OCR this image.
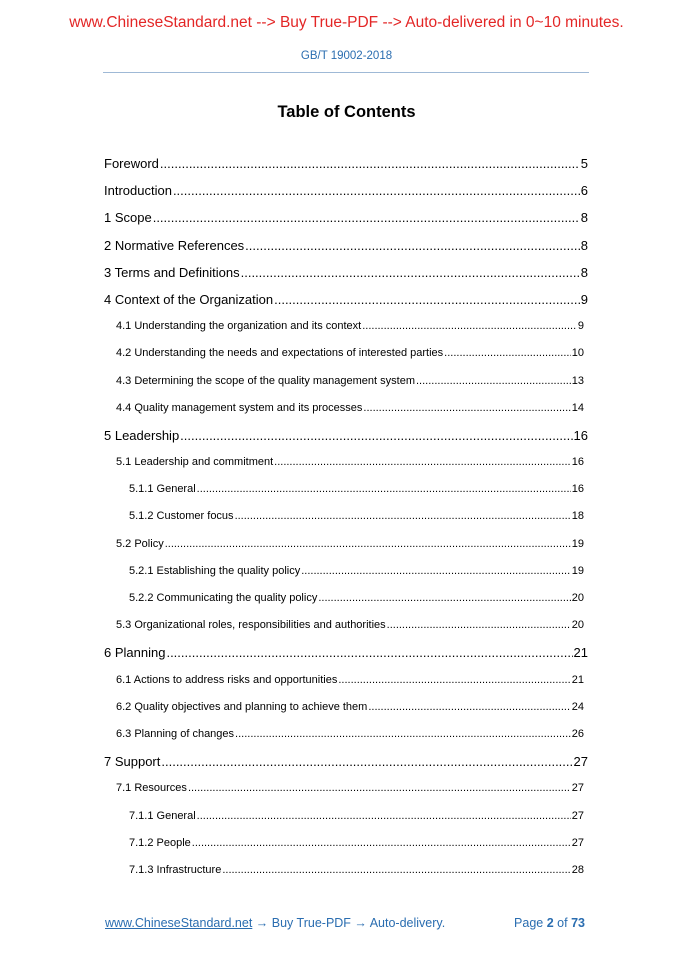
www.ChineseStandard.net --> Buy True-PDF --> Auto-delivered in 0~10 minutes.
GB/T 19002-2018
Table of Contents
Foreword .....	5
Introduction .....	6
1 Scope .....	8
2 Normative References .....	8
3 Terms and Definitions .....	8
4 Context of the Organization .....	9
4.1 Understanding the organization and its context .....	9
4.2 Understanding the needs and expectations of interested parties .....	10
4.3 Determining the scope of the quality management system .....	13
4.4 Quality management system and its processes .....	14
5 Leadership .....	16
5.1 Leadership and commitment .....	16
5.1.1 General .....	16
5.1.2 Customer focus .....	18
5.2 Policy .....	19
5.2.1 Establishing the quality policy .....	19
5.2.2 Communicating the quality policy .....	20
5.3 Organizational roles, responsibilities and authorities .....	20
6 Planning .....	21
6.1 Actions to address risks and opportunities .....	21
6.2 Quality objectives and planning to achieve them .....	24
6.3 Planning of changes .....	26
7 Support .....	27
7.1 Resources .....	27
7.1.1 General .....	27
7.1.2 People .....	27
7.1.3 Infrastructure .....	28
www.ChineseStandard.net → Buy True-PDF → Auto-delivery.	Page 2 of 73
